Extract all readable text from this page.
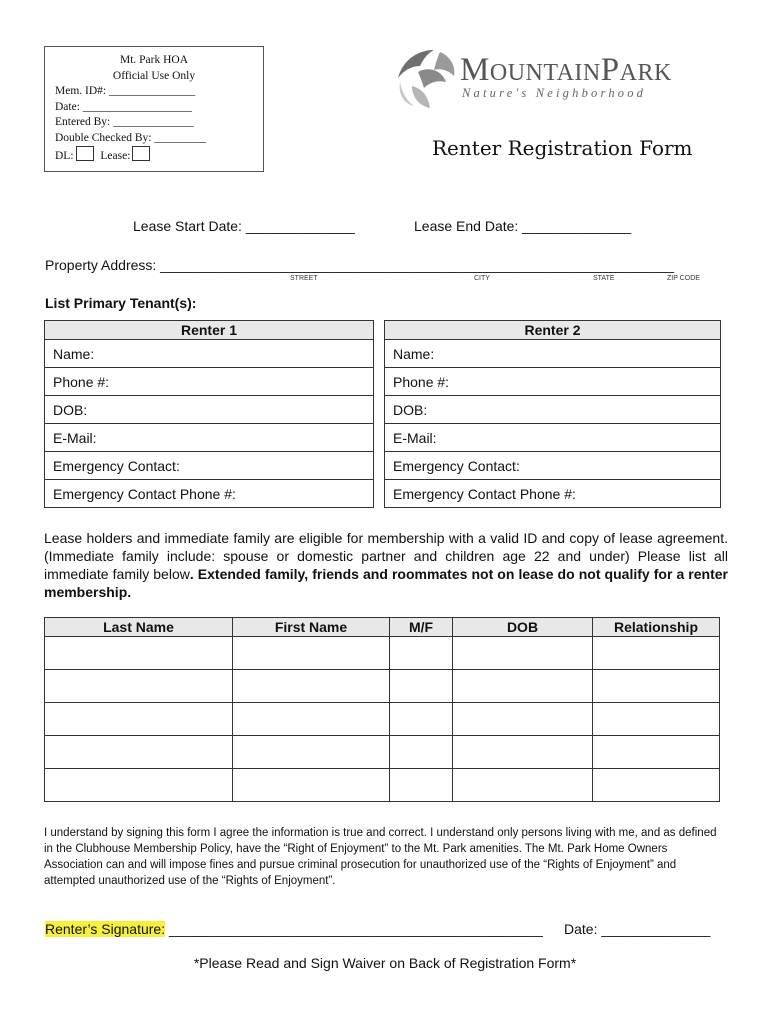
Mt. Park HOA
Official Use Only
Mem. ID#: _______________
Date: ___________________
Entered By: ______________
Double Checked By: _________
DL: Lease:
MOUNTAINPARK
Nature's Neighborhood
Renter Registration Form
Lease Start Date: ______________	Lease End Date: ______________
Property Address: __________________________________________________________________
STREET	CITY	STATE	ZIP CODE
List Primary Tenant(s):
Renter 1
Name:
Phone #:
DOB:
E-Mail:
Emergency Contact:
Emergency Contact Phone #:
Renter 2
Name:
Phone #:
DOB:
E-Mail:
Emergency Contact:
Emergency Contact Phone #:
Lease holders and immediate family are eligible for membership with a valid ID and copy of lease agreement. (Immediate family include: spouse or domestic partner and children age 22 and under) Please list all immediate family below. Extended family, friends and roommates not on lease do not qualify for a renter membership.
Last Name	First Name	M/F	DOB	Relationship

I understand by signing this form I agree the information is true and correct. I understand only persons living with me, and as defined in the Clubhouse Membership Policy, have the “Right of Enjoyment” to the Mt. Park amenities. The Mt. Park Home Owners Association can and will impose fines and pursue criminal prosecution for unauthorized use of the “Rights of Enjoyment” and attempted unauthorized use of the “Rights of Enjoyment”.
Renter’s Signature: ________________________________________________ Date: ______________
*Please Read and Sign Waiver on Back of Registration Form*
